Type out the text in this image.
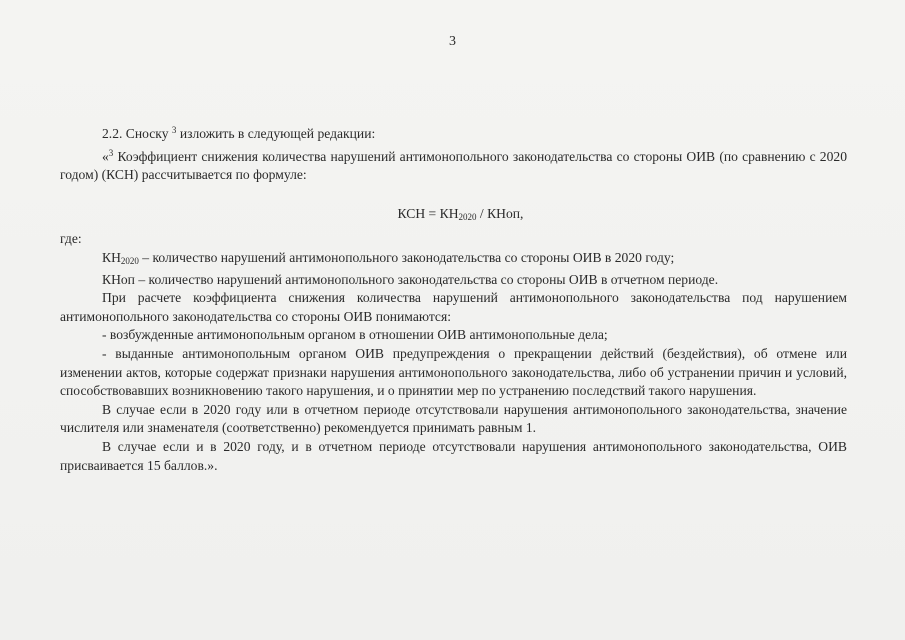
3

2.2. Сноску $^3$ изложить в следующей редакции:

«$^3$ Коэффициент снижения количества нарушений антимонопольного законодательства со стороны ОИВ (по сравнению с 2020 годом) (КСН) рассчитывается по формуле:

КСН = $КН_{2020}$ / КНоп,

где:

$КН_{2020}$ – количество нарушений антимонопольного законодательства со стороны ОИВ в 2020 году;

КНоп – количество нарушений антимонопольного законодательства со стороны ОИВ в отчетном периоде.

При расчете коэффициента снижения количества нарушений антимонопольного законодательства под нарушением антимонопольного законодательства со стороны ОИВ понимаются:

- возбужденные антимонопольным органом в отношении ОИВ антимонопольные дела;

- выданные антимонопольным органом ОИВ предупреждения о прекращении действий (бездействия), об отмене или изменении актов, которые содержат признаки нарушения антимонопольного законодательства, либо об устранении причин и условий, способствовавших возникновению такого нарушения, и о принятии мер по устранению последствий такого нарушения.

В случае если в 2020 году или в отчетном периоде отсутствовали нарушения антимонопольного законодательства, значение числителя или знаменателя (соответственно) рекомендуется принимать равным 1.

В случае если и в 2020 году, и в отчетном периоде отсутствовали нарушения антимонопольного законодательства, ОИВ присваивается 15 баллов.».
